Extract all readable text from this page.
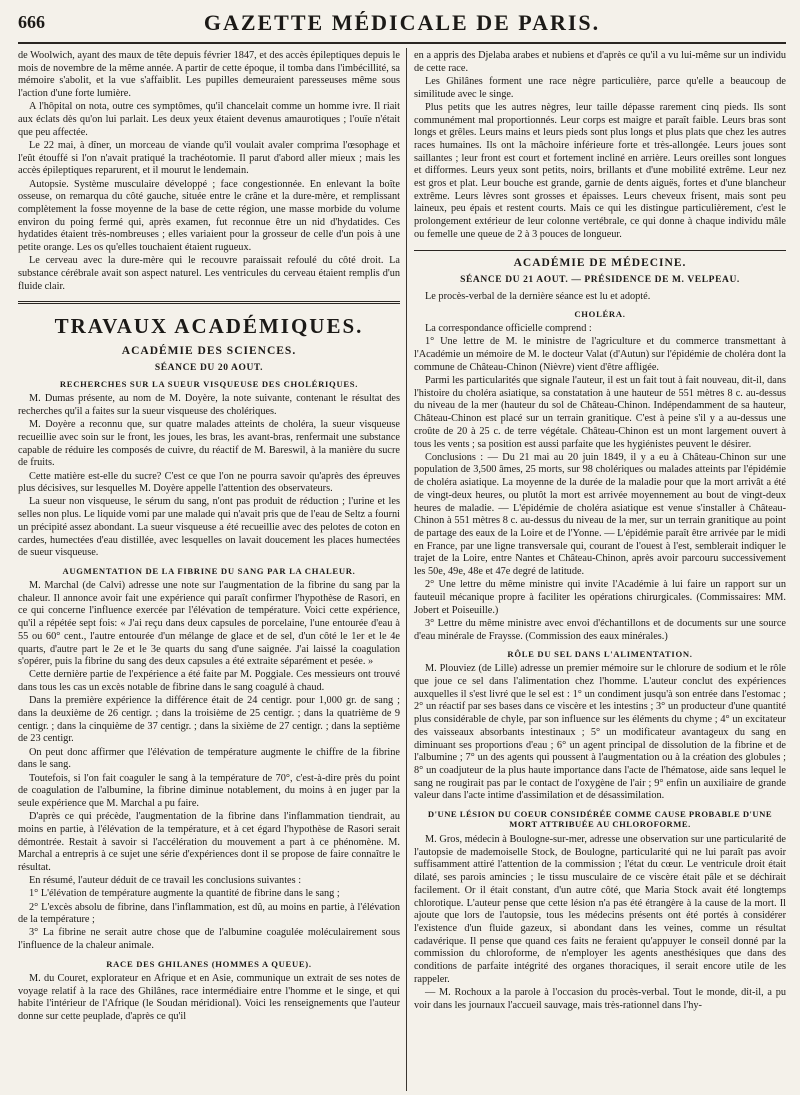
666	GAZETTE MÉDICALE DE PARIS.

de Woolwich, ayant des maux de tête depuis février 1847, et des accès épileptiques depuis le mois de novembre de la même année. A partir de cette époque, il tomba dans l'imbécillité, sa mémoire s'abolit, et la vue s'affaiblit. Les pupilles demeuraient paresseuses même sous l'action d'une forte lumière.

A l'hôpital on nota, outre ces symptômes, qu'il chancelait comme un homme ivre. Il riait aux éclats dès qu'on lui parlait. Les deux yeux étaient devenus amaurotiques ; l'ouïe n'était que peu affectée.

Le 22 mai, à dîner, un morceau de viande qu'il voulait avaler comprima l'œsophage et l'eût étouffé si l'on n'avait pratiqué la trachéotomie. Il parut d'abord aller mieux ; mais les accès épileptiques reparurent, et il mourut le lendemain.

Autopsie. Système musculaire développé ; face congestionnée. En enlevant la boîte osseuse, on remarqua du côté gauche, située entre le crâne et la dure-mère, et remplissant complètement la fosse moyenne de la base de cette région, une masse morbide du volume environ du poing fermé qui, après examen, fut reconnue être un nid d'hydatides. Ces hydatides étaient très-nombreuses ; elles variaient pour la grosseur de celle d'un pois à une petite orange. Les os qu'elles touchaient étaient rugueux.

Le cerveau avec la dure-mère qui le recouvre paraissait refoulé du côté droit. La substance cérébrale avait son aspect naturel. Les ventricules du cerveau étaient remplis d'un fluide clair.

TRAVAUX ACADÉMIQUES.
ACADÉMIE DES SCIENCES.
SÉANCE DU 20 AOUT.
RECHERCHES SUR LA SUEUR VISQUEUSE DES CHOLÉRIQUES.

M. Dumas présente, au nom de M. Doyère, la note suivante, contenant le résultat des recherches qu'il a faites sur la sueur visqueuse des cholériques.

M. Doyère a reconnu que, sur quatre malades atteints de choléra, la sueur visqueuse recueillie avec soin sur le front, les joues, les bras, les avant-bras, renfermait une substance capable de réduire les composés de cuivre, du réactif de M. Bareswil, à la manière du sucre de fruits.

Cette matière est-elle du sucre? C'est ce que l'on ne pourra savoir qu'après des épreuves plus décisives, sur lesquelles M. Doyère appelle l'attention des observateurs.

La sueur non visqueuse, le sérum du sang, n'ont pas produit de réduction ; l'urine et les selles non plus. Le liquide vomi par une malade qui n'avait pris que de l'eau de Seltz a fourni un précipité assez abondant. La sueur visqueuse a été recueillie avec des pelotes de coton en cardes, humectées d'eau distillée, avec lesquelles on lavait doucement les places humectées de sueur visqueuse.

AUGMENTATION DE LA FIBRINE DU SANG PAR LA CHALEUR.

M. Marchal (de Calvi) adresse une note sur l'augmentation de la fibrine du sang par la chaleur. Il annonce avoir fait une expérience qui paraît confirmer l'hypothèse de Rasori, en ce qui concerne l'influence exercée par l'élévation de température. Voici cette expérience, qu'il a répétée sept fois: « J'ai reçu dans deux capsules de porcelaine, l'une entourée d'eau à 55 ou 60° cent., l'autre entourée d'un mélange de glace et de sel, d'un côté le 1er et le 4e quarts, d'autre part le 2e et le 3e quarts du sang d'une saignée. J'ai laissé la coagulation s'opérer, puis la fibrine du sang des deux capsules a été extraite séparément et pesée. »

Cette dernière partie de l'expérience a été faite par M. Poggiale. Ces messieurs ont trouvé dans tous les cas un excès notable de fibrine dans le sang coagulé à chaud.

Dans la première expérience la différence était de 24 centigr. pour 1,000 gr. de sang ; dans la deuxième de 26 centigr. ; dans la troisième de 25 centigr. ; dans la quatrième de 9 centigr. ; dans la cinquième de 37 centigr. ; dans la sixième de 27 centigr. ; dans la septième de 23 centigr.

On peut donc affirmer que l'élévation de température augmente le chiffre de la fibrine dans le sang.

Toutefois, si l'on fait coaguler le sang à la température de 70°, c'est-à-dire près du point de coagulation de l'albumine, la fibrine diminue notablement, du moins à en juger par la seule expérience que M. Marchal a pu faire.

D'après ce qui précède, l'augmentation de la fibrine dans l'inflammation tiendrait, au moins en partie, à l'élévation de la température, et à cet égard l'hypothèse de Rasori serait démontrée. Restait à savoir si l'accélération du mouvement a part à ce phénomène. M. Marchal a entrepris à ce sujet une série d'expériences dont il se propose de faire connaître le résultat.

En résumé, l'auteur déduit de ce travail les conclusions suivantes :

1° L'élévation de température augmente la quantité de fibrine dans le sang ;

2° L'excès absolu de fibrine, dans l'inflammation, est dû, au moins en partie, à l'élévation de la température ;

3° La fibrine ne serait autre chose que de l'albumine coagulée moléculairement sous l'influence de la chaleur animale.

RACE DES GHILANES (HOMMES A QUEUE).

M. du Couret, explorateur en Afrique et en Asie, communique un extrait de ses notes de voyage relatif à la race des Ghilânes, race intermédiaire entre l'homme et le singe, et qui habite l'intérieur de l'Afrique (le Soudan méridional). Voici les renseignements que l'auteur donne sur cette peuplade, d'après ce qu'il

en a appris des Djelaba arabes et nubiens et d'après ce qu'il a vu lui-même sur un individu de cette race.

Les Ghilânes forment une race nègre particulière, parce qu'elle a beaucoup de similitude avec le singe.

Plus petits que les autres nègres, leur taille dépasse rarement cinq pieds. Ils sont communément mal proportionnés. Leur corps est maigre et paraît faible. Leurs bras sont longs et grêles. Leurs mains et leurs pieds sont plus longs et plus plats que chez les autres races humaines. Ils ont la mâchoire inférieure forte et très-allongée. Leurs joues sont saillantes ; leur front est court et fortement incliné en arrière. Leurs oreilles sont longues et difformes. Leurs yeux sont petits, noirs, brillants et d'une mobilité extrême. Leur nez est gros et plat. Leur bouche est grande, garnie de dents aiguës, fortes et d'une blancheur extrême. Leurs lèvres sont grosses et épaisses. Leurs cheveux frisent, mais sont peu laineux, peu épais et restent courts. Mais ce qui les distingue particulièrement, c'est le prolongement extérieur de leur colonne vertébrale, ce qui donne à chaque individu mâle ou femelle une queue de 2 à 3 pouces de longueur.

ACADÉMIE DE MÉDECINE.
SÉANCE DU 21 AOUT. — PRÉSIDENCE DE M. VELPEAU.

Le procès-verbal de la dernière séance est lu et adopté.

CHOLÉRA.

La correspondance officielle comprend :

1° Une lettre de M. le ministre de l'agriculture et du commerce transmettant à l'Académie un mémoire de M. le docteur Valat (d'Autun) sur l'épidémie de choléra dont la commune de Château-Chinon (Nièvre) vient d'être affligée.

Parmi les particularités que signale l'auteur, il est un fait tout à fait nouveau, dit-il, dans l'histoire du choléra asiatique, sa constatation à une hauteur de 551 mètres 8 c. au-dessus du niveau de la mer (hauteur du sol de Château-Chinon. Indépendamment de sa hauteur, Château-Chinon est placé sur un terrain granitique. C'est à peine s'il y a au-dessus une croûte de 20 à 25 c. de terre végétale. Château-Chinon est un mont largement ouvert à tous les vents ; sa position est aussi parfaite que les hygiénistes peuvent le désirer.

Conclusions : — Du 21 mai au 20 juin 1849, il y a eu à Château-Chinon sur une population de 3,500 âmes, 25 morts, sur 98 cholériques ou malades atteints par l'épidémie de choléra asiatique. La moyenne de la durée de la maladie pour que la mort arrivât a été de vingt-deux heures, ou plutôt la mort est arrivée moyennement au bout de vingt-deux heures de maladie. — L'épidémie de choléra asiatique est venue s'installer à Château-Chinon à 551 mètres 8 c. au-dessus du niveau de la mer, sur un terrain granitique au point de partage des eaux de la Loire et de l'Yonne. — L'épidémie paraît être arrivée par le midi en France, par une ligne transversale qui, courant de l'ouest à l'est, semblerait indiquer le trajet de la Loire, entre Nantes et Château-Chinon, après avoir parcouru successivement les 50e, 49e, 48e et 47e degré de latitude.

2° Une lettre du même ministre qui invite l'Académie à lui faire un rapport sur un fauteuil mécanique propre à faciliter les opérations chirurgicales. (Commissaires: MM. Jobert et Poiseuille.)

3° Lettre du même ministre avec envoi d'échantillons et de documents sur une source d'eau minérale de Fraysse. (Commission des eaux minérales.)

RÔLE DU SEL DANS L'ALIMENTATION.

M. Plouviez (de Lille) adresse un premier mémoire sur le chlorure de sodium et le rôle que joue ce sel dans l'alimentation chez l'homme. L'auteur conclut des expériences auxquelles il s'est livré que le sel est : 1° un condiment jusqu'à son entrée dans l'estomac ; 2° un réactif par ses bases dans ce viscère et les intestins ; 3° un producteur d'une quantité plus considérable de chyle, par son influence sur les éléments du chyme ; 4° un excitateur des vaisseaux absorbants intestinaux ; 5° un modificateur avantageux du sang en diminuant ses proportions d'eau ; 6° un agent principal de dissolution de la fibrine et de l'albumine ; 7° un des agents qui poussent à l'augmentation ou à la création des globules ; 8° un coadjuteur de la plus haute importance dans l'acte de l'hématose, aide sans lequel le sang ne rougirait pas par le contact de l'oxygène de l'air ; 9° enfin un auxiliaire de grande valeur dans l'acte intime d'assimilation et de désassimilation.

D'UNE LÉSION DU COEUR CONSIDÉRÉE COMME CAUSE PROBABLE D'UNE MORT ATTRIBUÉE AU CHLOROFORME.

M. Gros, médecin à Boulogne-sur-mer, adresse une observation sur une particularité de l'autopsie de mademoiselle Stock, de Boulogne, particularité qui ne lui paraît pas avoir suffisamment attiré l'attention de la commission ; l'état du cœur. Le ventricule droit était dilaté, ses parois amincies ; le tissu musculaire de ce viscère était pâle et se déchirait facilement. Or il était constant, d'un autre côté, que Maria Stock avait été longtemps chlorotique. L'auteur pense que cette lésion n'a pas été étrangère à la cause de la mort. Il ajoute que lors de l'autopsie, tous les médecins présents ont été portés à considérer l'existence d'un fluide gazeux, si abondant dans les veines, comme un résultat cadavérique. Il pense que quand ces faits ne feraient qu'appuyer le conseil donné par la commission du chloroforme, de n'employer les agents anesthésiques que dans des conditions de parfaite intégrité des organes thoraciques, il serait encore utile de les rappeler.

— M. Rochoux a la parole à l'occasion du procès-verbal. Tout le monde, dit-il, a pu voir dans les journaux l'accueil sauvage, mais très-rationnel dans l'hy-
